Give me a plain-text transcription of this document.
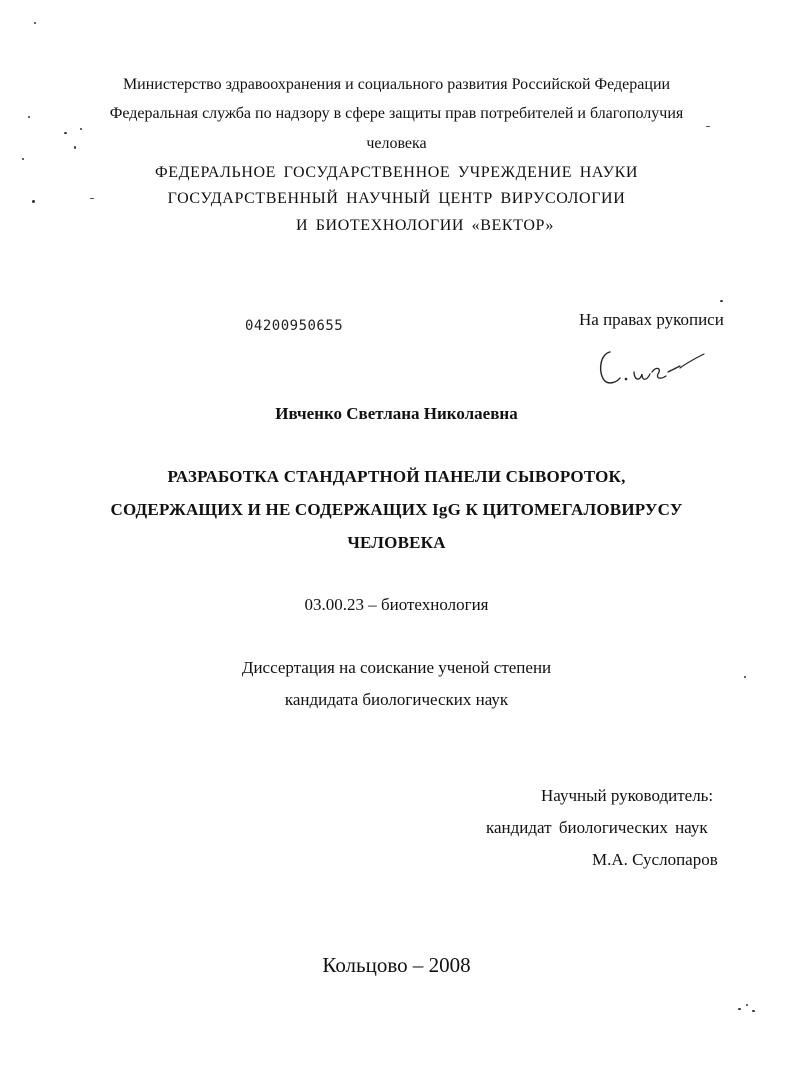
Министерство здравоохранения и социального развития Российской Федерации
Федеральная служба по надзору в сфере защиты прав потребителей и благополучия
человека
ФЕДЕРАЛЬНОЕ ГОСУДАРСТВЕННОЕ УЧРЕЖДЕНИЕ НАУКИ
ГОСУДАРСТВЕННЫЙ НАУЧНЫЙ ЦЕНТР ВИРУСОЛОГИИ
И БИОТЕХНОЛОГИИ «ВЕКТОР»
04200950655	На правах рукописи
Ивченко Светлана Николаевна
РАЗРАБОТКА СТАНДАРТНОЙ ПАНЕЛИ СЫВОРОТОК,
СОДЕРЖАЩИХ И НЕ СОДЕРЖАЩИХ IgG К ЦИТОМЕГАЛОВИРУСУ
ЧЕЛОВЕКА
03.00.23 – биотехнология
Диссертация на соискание ученой степени
кандидата биологических наук
Научный руководитель:
кандидат биологических наук
М.А. Суслопаров
Кольцово – 2008
